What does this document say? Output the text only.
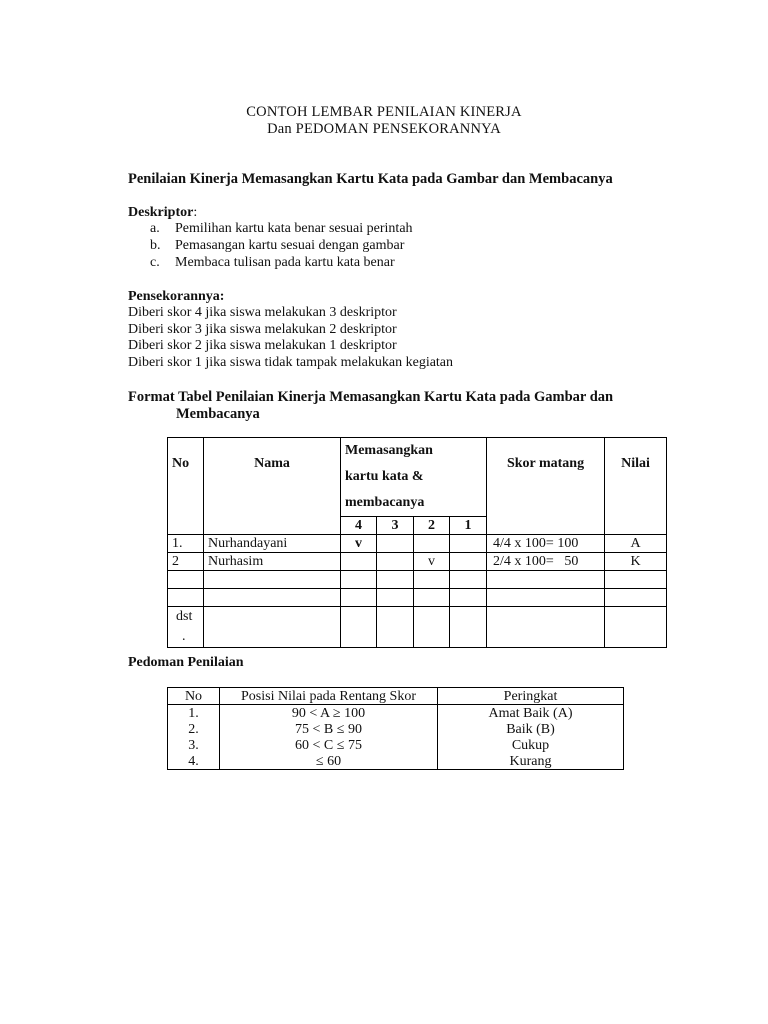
CONTOH LEMBAR PENILAIAN KINERJA
Dan PEDOMAN PENSEKORANNYA
Penilaian Kinerja Memasangkan Kartu Kata pada Gambar dan Membacanya
Deskriptor:
a. Pemilihan kartu kata benar sesuai perintah
b. Pemasangan kartu sesuai dengan gambar
c. Membaca tulisan pada kartu kata benar
Pensekorannya:
Diberi skor 4 jika siswa melakukan 3 deskriptor
Diberi skor 3 jika siswa melakukan 2 deskriptor
Diberi skor 2 jika siswa melakukan 1 deskriptor
Diberi skor 1 jika siswa tidak tampak melakukan kegiatan
Format Tabel Penilaian Kinerja Memasangkan Kartu Kata pada Gambar dan
Membacanya
No	Nama	Memasangkan
kartu kata &
membacanya				Skor matang	Nilai
		4	3	2	1		
1.	Nurhandayani	v				4/4 x 100= 100	A
2	Nurhasim			v		2/4 x 100=   50	K

dst
.							

Pedoman Penilaian
No	Posisi Nilai pada Rentang Skor	Peringkat
1.	90 < A ≥ 100	Amat Baik (A)
2.	75 < B ≤ 90	Baik (B)
3.	60 < C ≤ 75	Cukup
4.	≤ 60	Kurang
